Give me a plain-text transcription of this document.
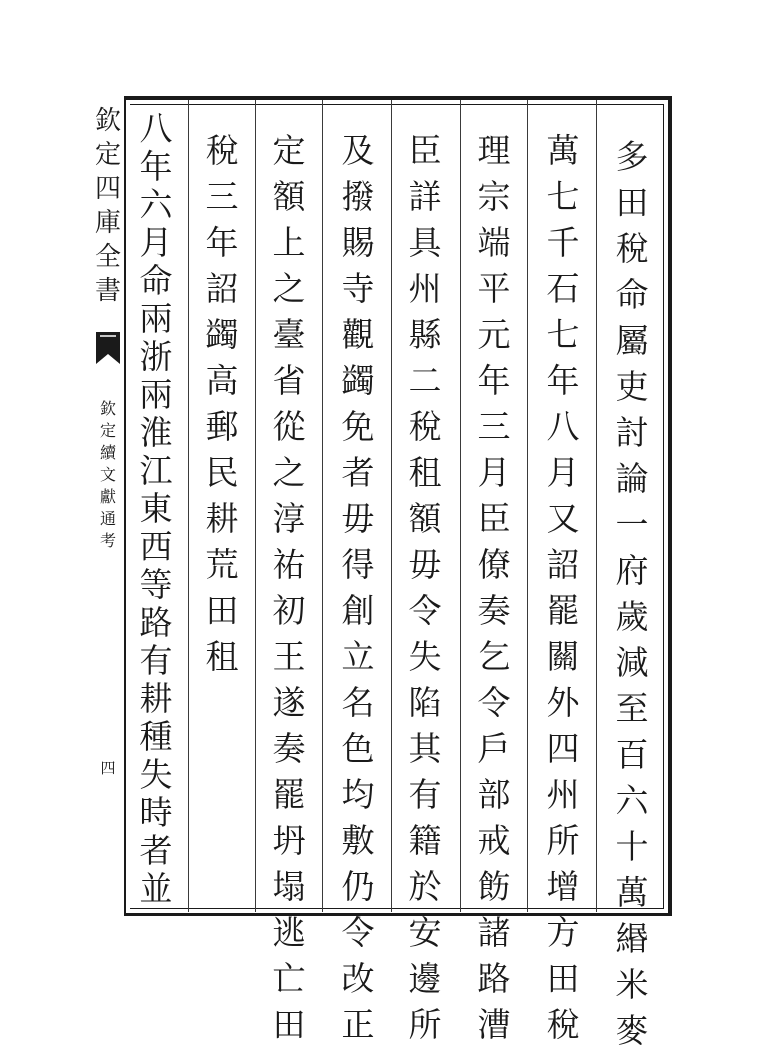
欽
定
四
庫
全
書
欽
定
續
文
獻
通
考
四
多
田
稅
命
屬
吏
討
論
一
府
歲
減
至
百
六
十
萬
緡
米
麥
萬
七
千
石
七
年
八
月
又
詔
罷
關
外
四
州
所
增
方
田
稅
理
宗
端
平
元
年
三
月
臣
僚
奏
乞
令
戶
部
戒
飭
諸
路
漕
臣
詳
具
州
縣
二
稅
租
額
毋
令
失
陷
其
有
籍
於
安
邊
所
及
撥
賜
寺
觀
蠲
免
者
毋
得
創
立
名
色
均
敷
仍
令
改
正
定
額
上
之
臺
省
從
之
淳
祐
初
王
遂
奏
罷
坍
塌
逃
亡
田
稅
三
年
詔
蠲
高
郵
民
耕
荒
田
租
八
年
六
月
命
兩
浙
兩
淮
江
東
西
等
路
有
耕
種
失
時
者
並
